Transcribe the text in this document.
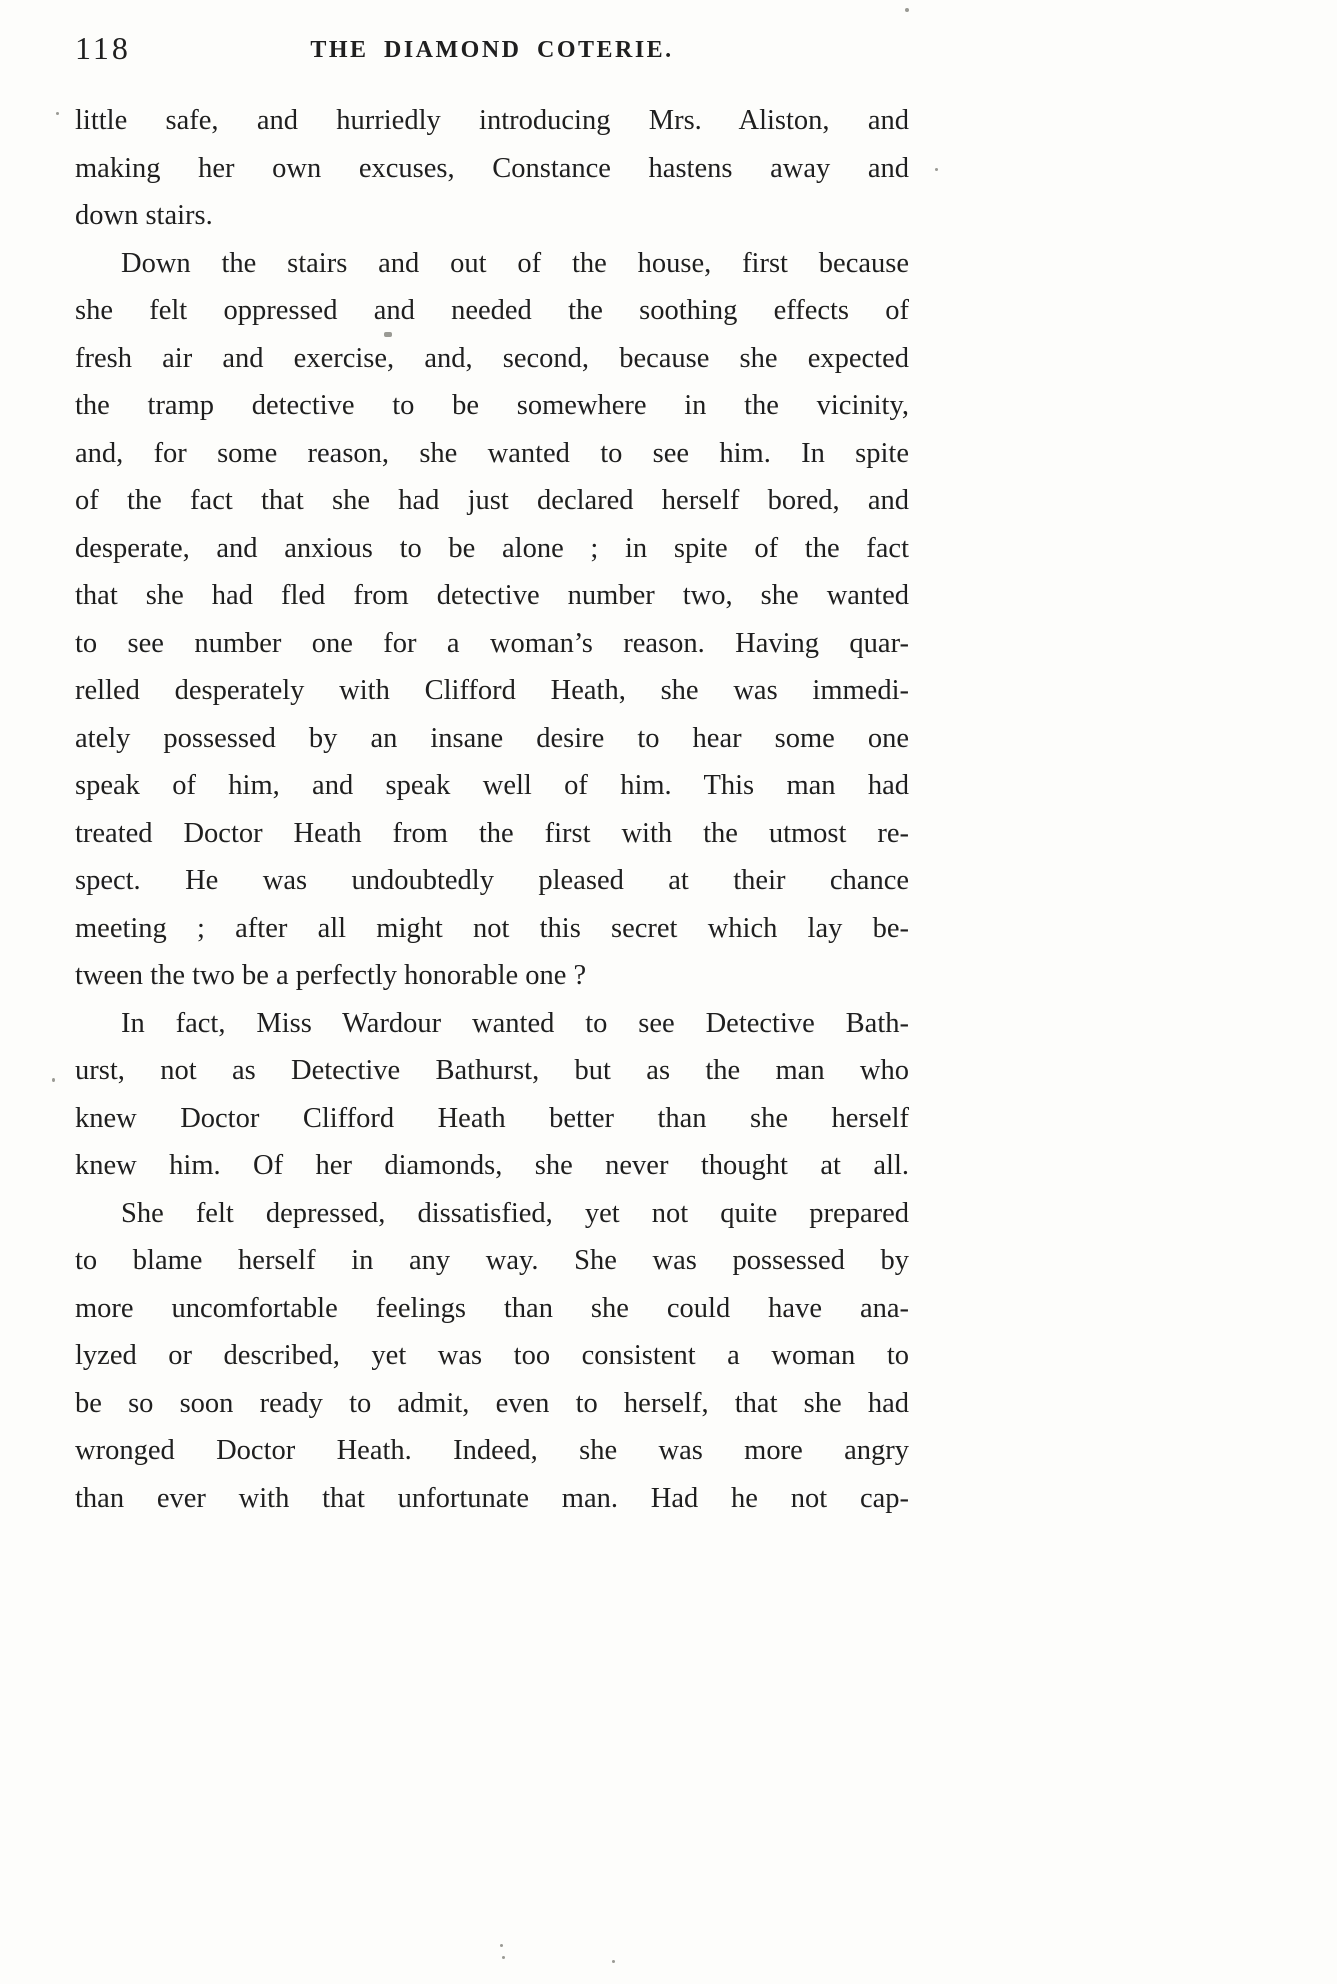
118	THE DIAMOND COTERIE.
little safe, and hurriedly introducing Mrs. Aliston, and
making her own excuses, Constance hastens away and
down stairs.
Down the stairs and out of the house, first because
she felt oppressed and needed the soothing effects of
fresh air and exercise, and, second, because she expected
the tramp detective to be somewhere in the vicinity,
and, for some reason, she wanted to see him. In spite
of the fact that she had just declared herself bored, and
desperate, and anxious to be alone ; in spite of the fact
that she had fled from detective number two, she wanted
to see number one for a woman’s reason. Having quar-
relled desperately with Clifford Heath, she was immedi-
ately possessed by an insane desire to hear some one
speak of him, and speak well of him. This man had
treated Doctor Heath from the first with the utmost re-
spect. He was undoubtedly pleased at their chance
meeting ; after all might not this secret which lay be-
tween the two be a perfectly honorable one ?
In fact, Miss Wardour wanted to see Detective Bath-
urst, not as Detective Bathurst, but as the man who
knew Doctor Clifford Heath better than she herself
knew him. Of her diamonds, she never thought at all.
She felt depressed, dissatisfied, yet not quite prepared
to blame herself in any way. She was possessed by
more uncomfortable feelings than she could have ana-
lyzed or described, yet was too consistent a woman to
be so soon ready to admit, even to herself, that she had
wronged Doctor Heath. Indeed, she was more angry
than ever with that unfortunate man. Had he not cap-
